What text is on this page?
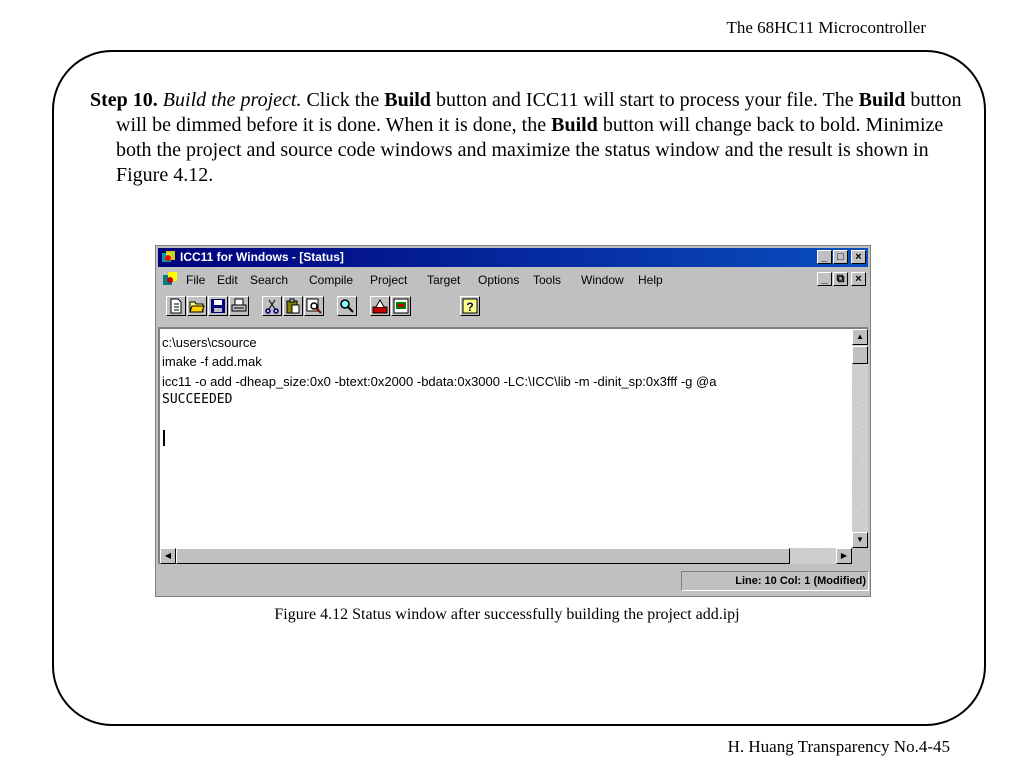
The 68HC11 Microcontroller
Step 10. Build the project. Click the Build button and ICC11 will start to process your file. The Build button will be dimmed before it is done. When it is done, the Build button will change back to bold. Minimize both the project and source code windows and maximize the status window and the result is shown in Figure 4.12.
ICC11 for Windows - [Status]	_ □	×
File Edit Search Compile Project Target Options Tools Window Help	_ ⧉ ×
?
c:\users\csource
imake -f add.mak
icc11 -o add -dheap_size:0x0 -btext:0x2000 -bdata:0x3000 -LC:\ICC\lib -m -dinit_sp:0x3fff -g @a
SUCCEEDED
▲
▼
◀	▶
Line: 10 Col: 1 (Modified)
Figure 4.12 Status window after successfully building the project add.ipj
H. Huang Transparency No.4-45
